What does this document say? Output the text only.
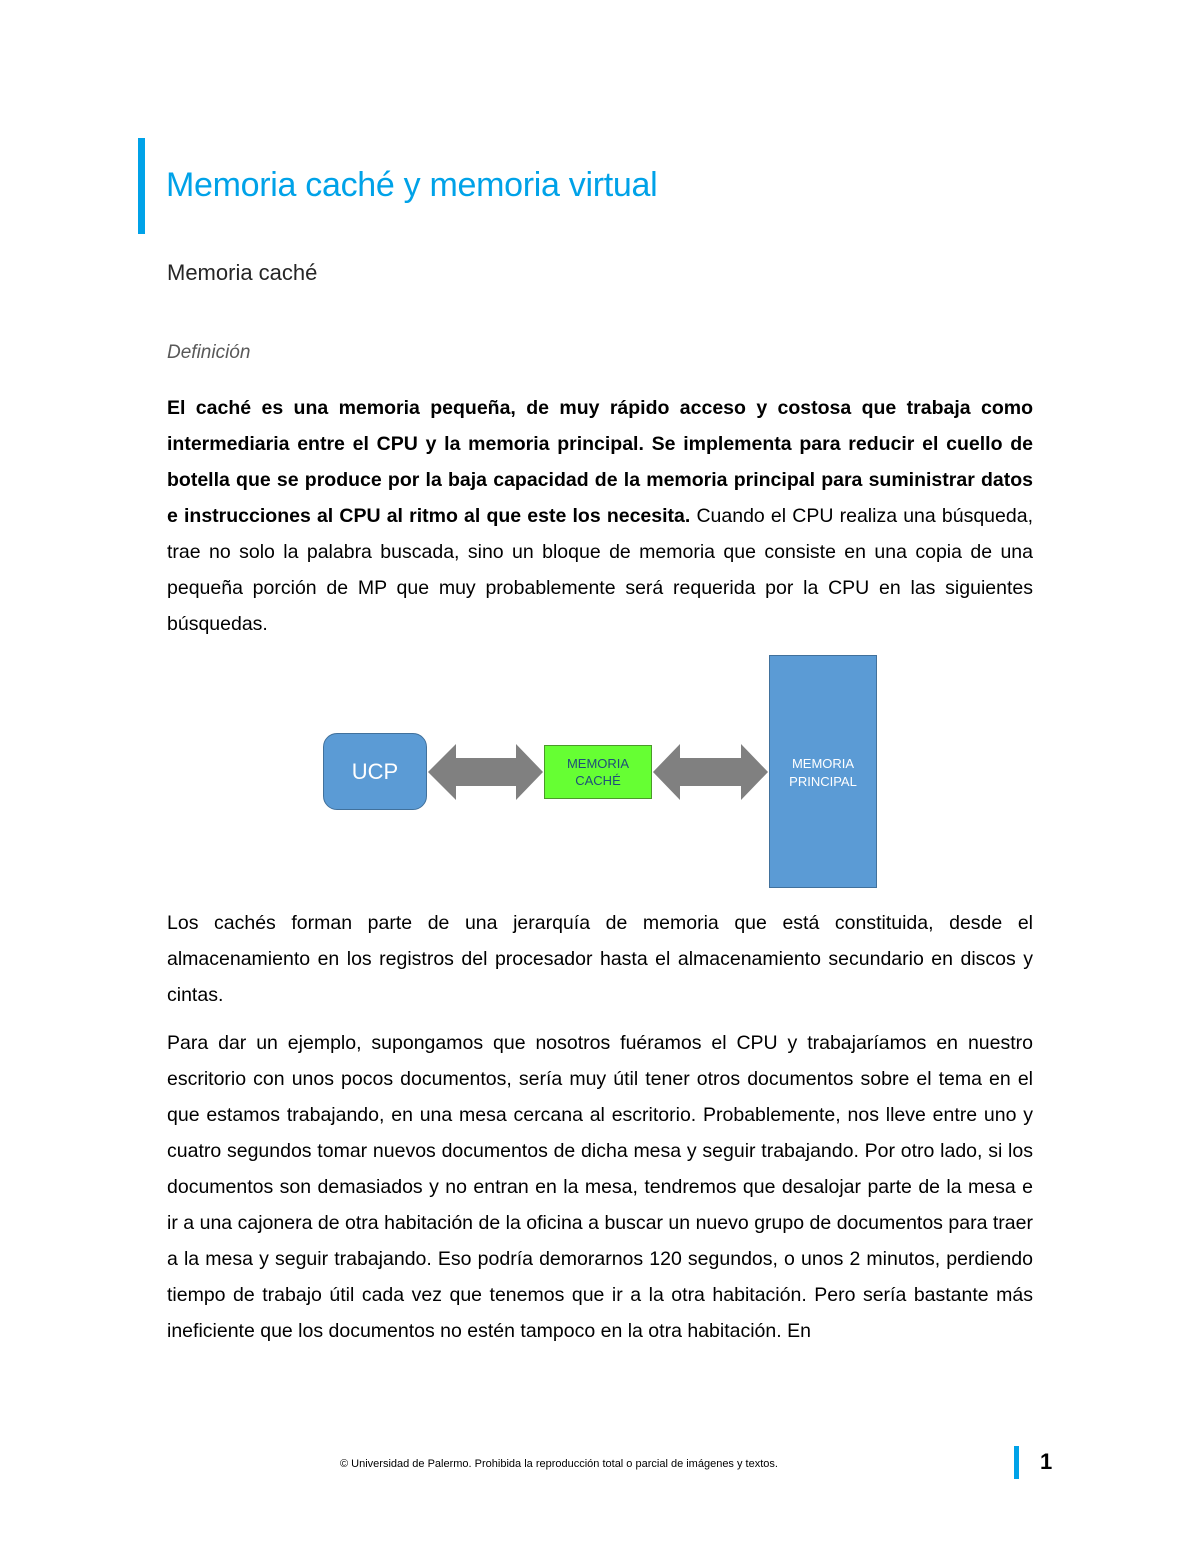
Memoria caché y memoria virtual
Memoria caché
Definición

El caché es una memoria pequeña, de muy rápido acceso y costosa que trabaja como intermediaria entre el CPU y la memoria principal. Se implementa para reducir el cuello de botella que se produce por la baja capacidad de la memoria principal para suministrar datos e instrucciones al CPU al ritmo al que este los necesita. Cuando el CPU realiza una búsqueda, trae no solo la palabra buscada, sino un bloque de memoria que consiste en una copia de una pequeña porción de MP que muy probablemente será requerida por la CPU en las siguientes búsquedas.

UCP	MEMORIA
CACHÉ
MEMORIA
PRINCIPAL

Los cachés forman parte de una jerarquía de memoria que está constituida, desde el almacenamiento en los registros del procesador hasta el almacenamiento secundario en discos y cintas.

Para dar un ejemplo, supongamos que nosotros fuéramos el CPU y trabajaríamos en nuestro escritorio con unos pocos documentos, sería muy útil tener otros documentos sobre el tema en el que estamos trabajando, en una mesa cercana al escritorio. Probablemente, nos lleve entre uno y cuatro segundos tomar nuevos documentos de dicha mesa y seguir trabajando. Por otro lado, si los documentos son demasiados y no entran en la mesa, tendremos que desalojar parte de la mesa e ir a una cajonera de otra habitación de la oficina a buscar un nuevo grupo de documentos para traer a la mesa y seguir trabajando. Eso podría demorarnos 120 segundos, o unos 2 minutos, perdiendo tiempo de trabajo útil cada vez que tenemos que ir a la otra habitación. Pero sería bastante más ineficiente que los documentos no estén tampoco en la otra habitación. En

© Universidad de Palermo. Prohibida la reproducción total o parcial de imágenes y textos.	1
